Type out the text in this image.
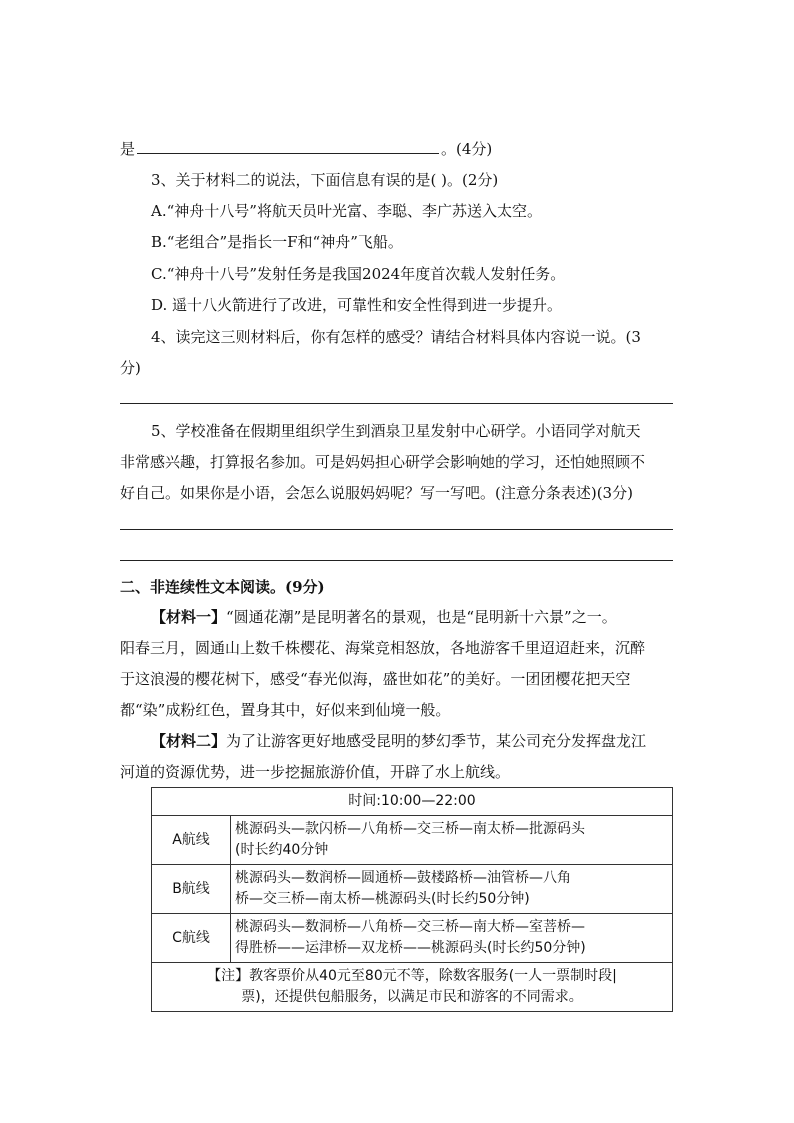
是	。(4分)
3、关于材料二的说法，下面信息有误的是( )。(2分)
A.“神舟十八号”将航天员叶光富、李聪、李广苏送入太空。
B.“老组合”是指长一F和“神舟”飞船。
C.“神舟十八号”发射任务是我国2024年度首次载人发射任务。
D. 遥十八火箭进行了改进，可靠性和安全性得到进一步提升。
4、读完这三则材料后，你有怎样的感受？请结合材料具体内容说一说。(3
分)
5、学校准备在假期里组织学生到酒泉卫星发射中心研学。小语同学对航天
非常感兴趣，打算报名参加。可是妈妈担心研学会影响她的学习，还怕她照顾不
好自己。如果你是小语，会怎么说服妈妈呢？写一写吧。(注意分条表述)(3分)
二、非连续性文本阅读。(9分)
【材料一】“圆通花潮”是昆明著名的景观，也是“昆明新十六景”之一。
阳春三月，圆通山上数千株樱花、海棠竞相怒放，各地游客千里迢迢赶来，沉醉
于这浪漫的樱花树下，感受“春光似海，盛世如花”的美好。一团团樱花把天空
都“染”成粉红色，置身其中，好似来到仙境一般。
【材料二】为了让游客更好地感受昆明的梦幻季节，某公司充分发挥盘龙江
河道的资源优势，进一步挖掘旅游价值，开辟了水上航线。
时间:10:00—22:00	
A航线	桃源码头—款闪桥—八角桥—交三桥—南太桥—批源码头
(时长约40分钟

B航线	桃源码头—数润桥—圆通桥—鼓楼路桥—油管桥—八角
桥—交三桥—南太桥—桃源码头(时长约50分钟)

C航线	桃源码头—数洞桥—八角桥—交三桥—南大桥—室菩桥—
得胜桥——运津桥—双龙桥——桃源码头(时长约50分钟)

【注】教客票价从40元至80元不等，除数客服务(一人一票制时段|
票)，还提供包船服务，以满足市民和游客的不同需求。	
